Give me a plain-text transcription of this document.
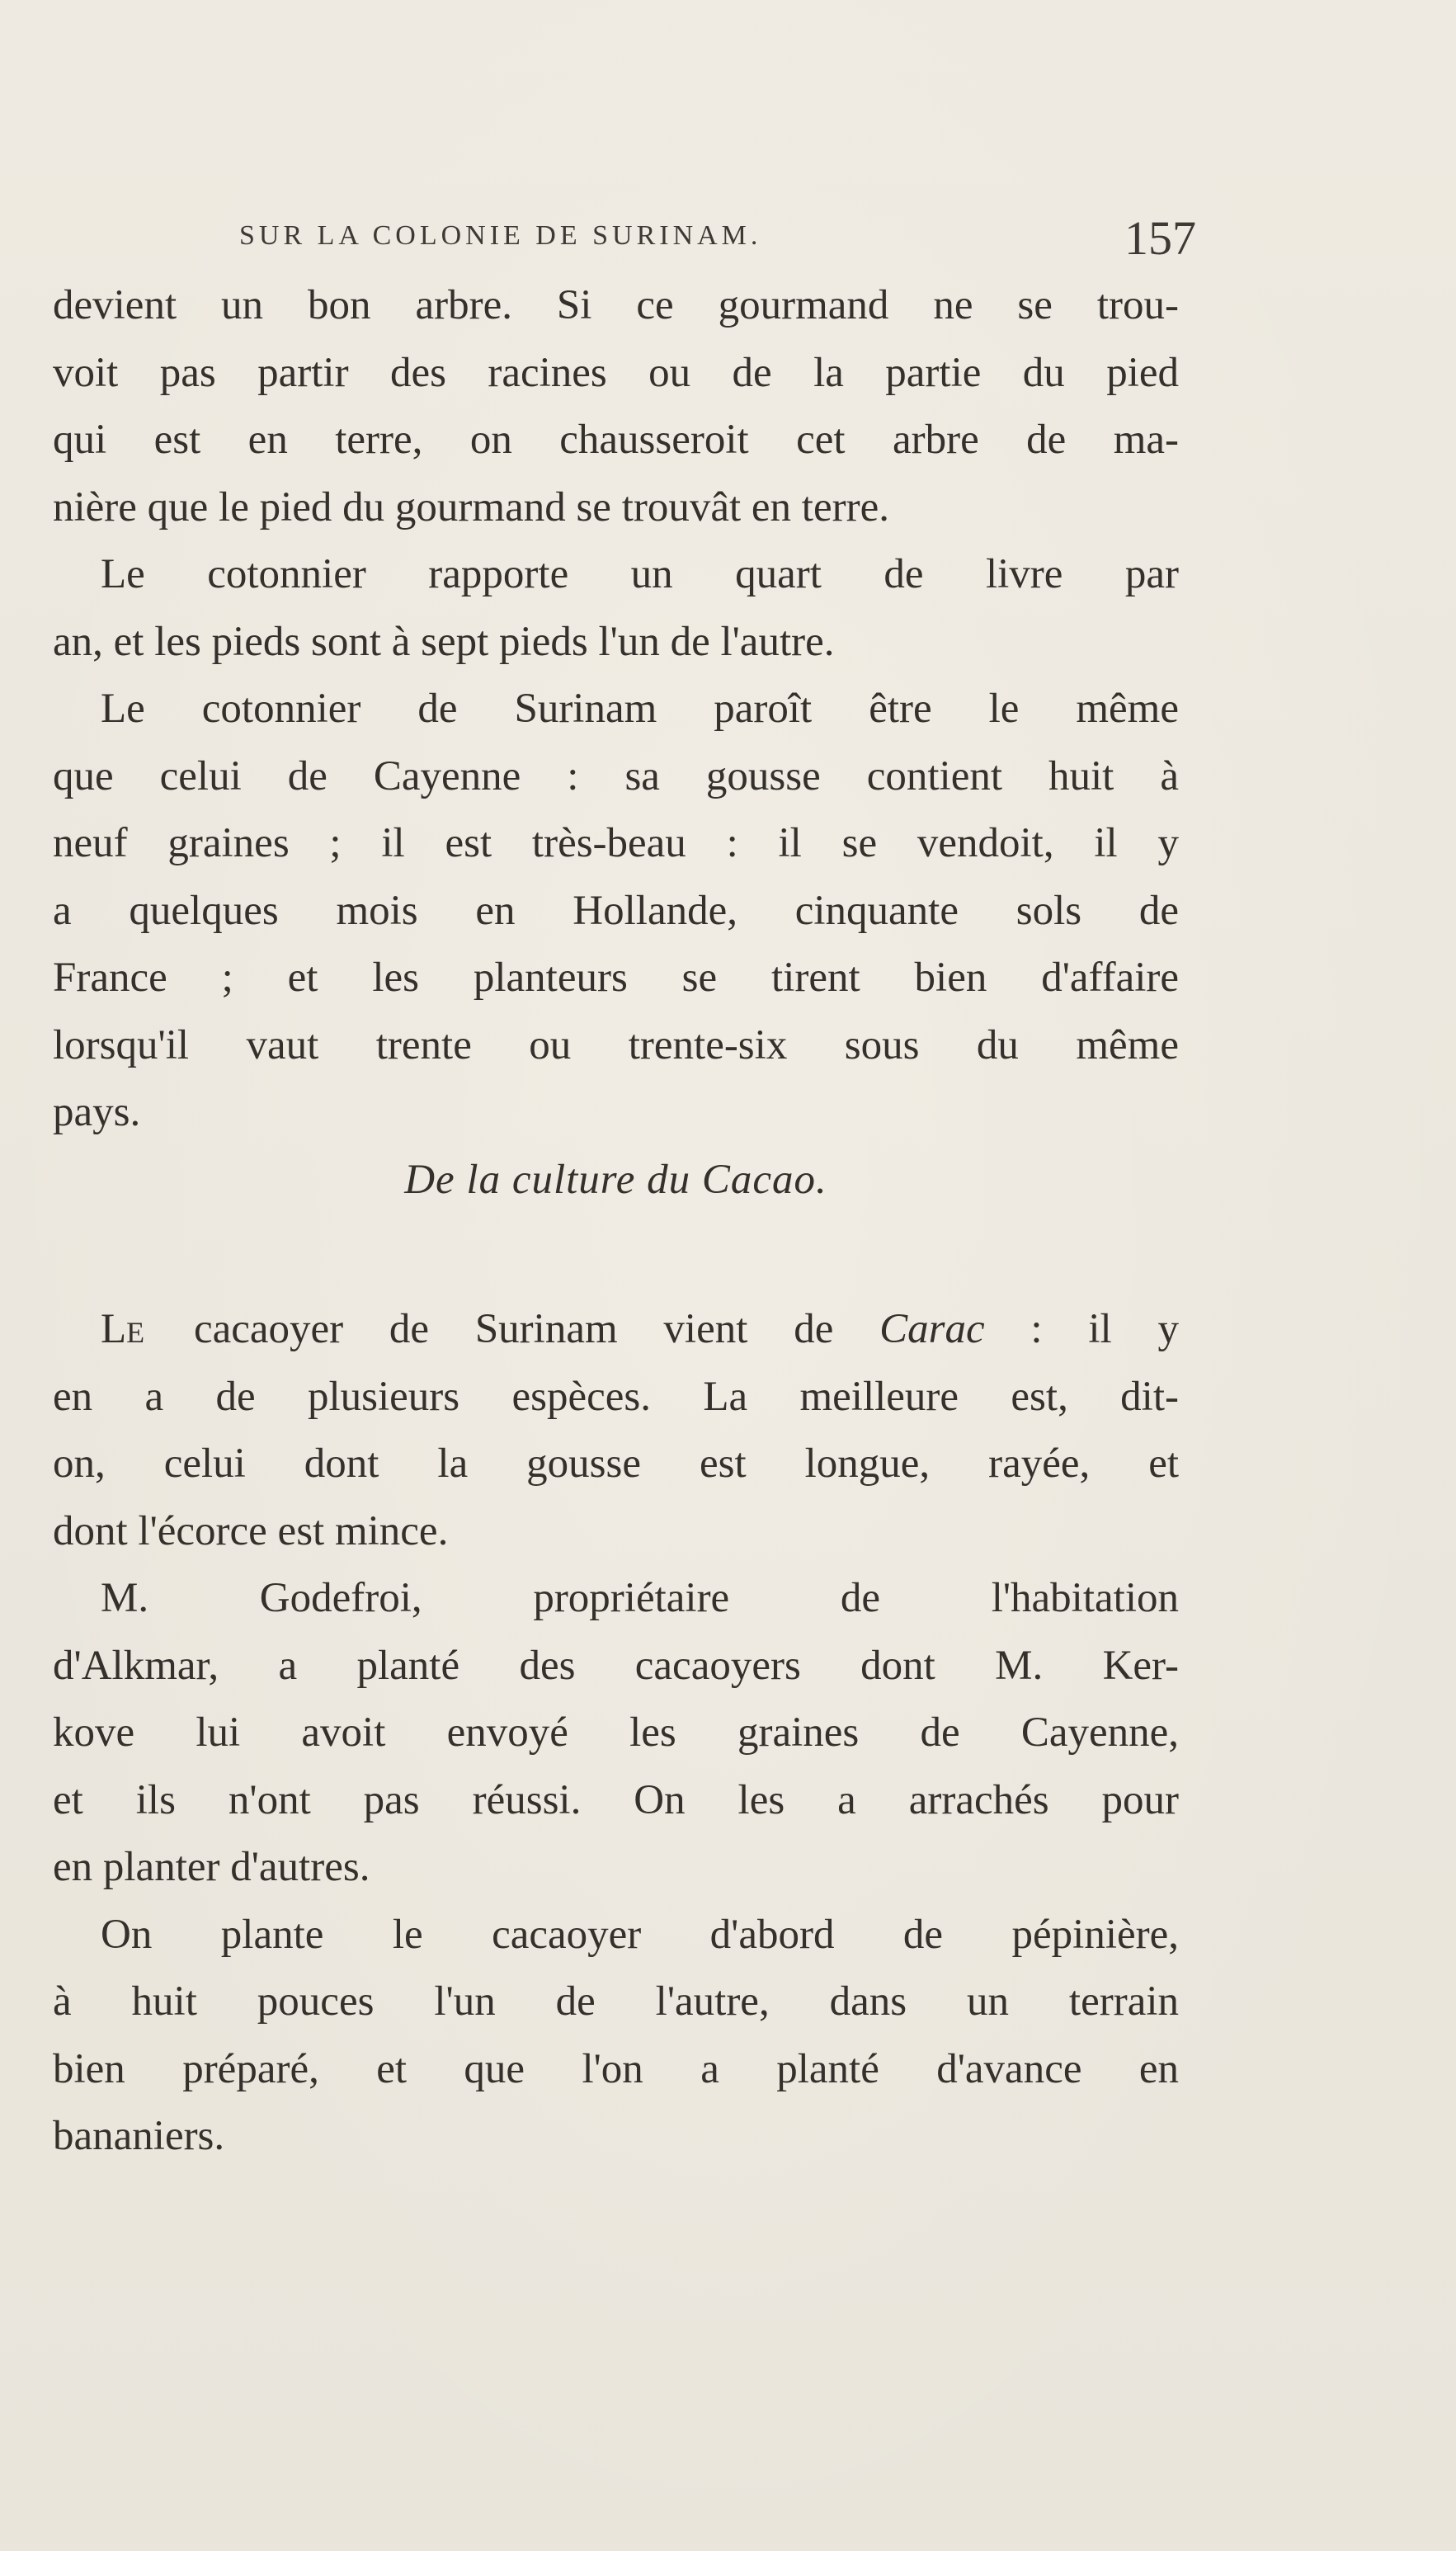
SUR LA COLONIE DE SURINAM.	157
devient un bon arbre. Si ce gourmand ne se trou-
voit pas partir des racines ou de la partie du pied
qui est en terre, on chausseroit cet arbre de ma-
nière que le pied du gourmand se trouvât en terre.
Le cotonnier rapporte un quart de livre par
an, et les pieds sont à sept pieds l'un de l'autre.
Le cotonnier de Surinam paroît être le même
que celui de Cayenne : sa gousse contient huit à
neuf graines ; il est très-beau : il se vendoit, il y
a quelques mois en Hollande, cinquante sols de
France ; et les planteurs se tirent bien d'affaire
lorsqu'il vaut trente ou trente-six sous du même
pays.
De la culture du Cacao.
LE cacaoyer de Surinam vient de Carac : il y
en a de plusieurs espèces. La meilleure est, dit-
on, celui dont la gousse est longue, rayée, et
dont l'écorce est mince.
M. Godefroi, propriétaire de l'habitation
d'Alkmar, a planté des cacaoyers dont M. Ker-
kove lui avoit envoyé les graines de Cayenne,
et ils n'ont pas réussi. On les a arrachés pour
en planter d'autres.
On plante le cacaoyer d'abord de pépinière,
à huit pouces l'un de l'autre, dans un terrain
bien préparé, et que l'on a planté d'avance en
bananiers.
